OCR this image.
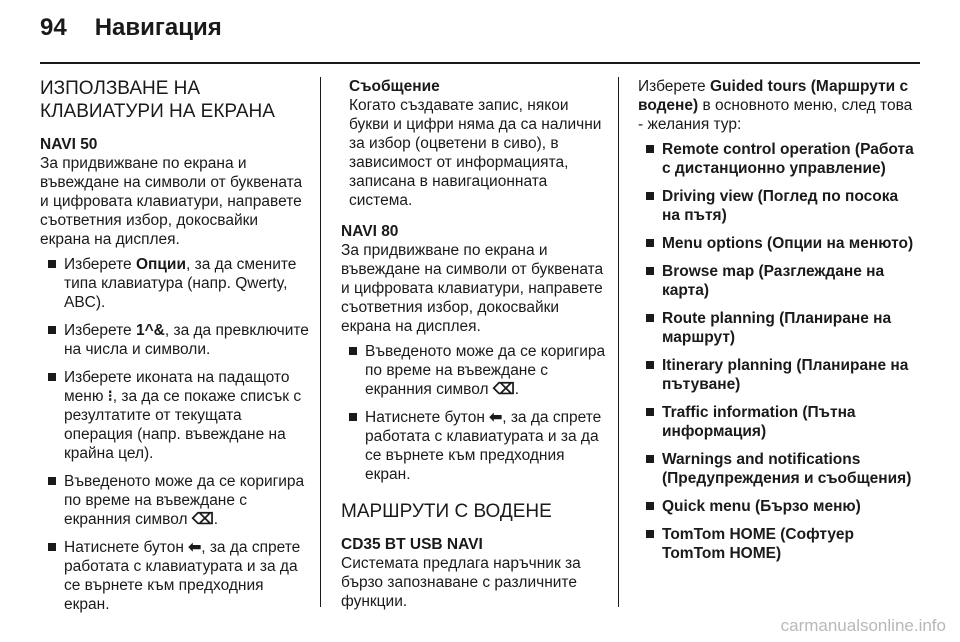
94 Навигация
ИЗПОЛЗВАНЕ НА КЛАВИАТУРИ НА ЕКРАНА
NAVI 50

За придвижване по екрана и въвеждане на символи от буквената и цифровата клавиатури, направете съответния избор, докосвайки екрана на дисплея.

Изберете Опции, за да смените типа клавиатура (напр. Qwerty, ABC).
Изберете 1^&, за да превключите на числа и символи.
Изберете иконата на падащото меню ⁝, за да се покаже списък с резултатите от текущата операция (напр. въвеждане на крайна цел).
Въведеното може да се коригира по време на въвеждане с екранния символ ⌫.
Натиснете бутон ⬅, за да спрете работата с клавиатурата и за да се върнете към предходния екран.
Съобщение
Когато създавате запис, някои букви и цифри няма да са налични за избор (оцветени в сиво), в зависимост от информацията, записана в навигационната система.
NAVI 80

За придвижване по екрана и въвеждане на символи от буквената и цифровата клавиатури, направете съответния избор, докосвайки екрана на дисплея.

Въведеното може да се коригира по време на въвеждане с екранния символ ⌫.
Натиснете бутон ⬅, за да спрете работата с клавиатурата и за да се върнете към предходния екран.
МАРШРУТИ С ВОДЕНЕ
CD35 BT USB NAVI

Системата предлага наръчник за бързо запознаване с различните функции.

Изберете Guided tours (Маршрути с водене) в основното меню, след това - желания тур:

Remote control operation (Работа с дистанционно управление)
Driving view (Поглед по посока на пътя)
Menu options (Опции на менюто)
Browse map (Разглеждане на карта)
Route planning (Планиране на маршрут)
Itinerary planning (Планиране на пътуване)
Traffic information (Пътна информация)
Warnings and notifications (Предупреждения и съобщения)
Quick menu (Бързо меню)
TomTom HOME (Софтуер TomTom HOME)
carmanualsonline.info
